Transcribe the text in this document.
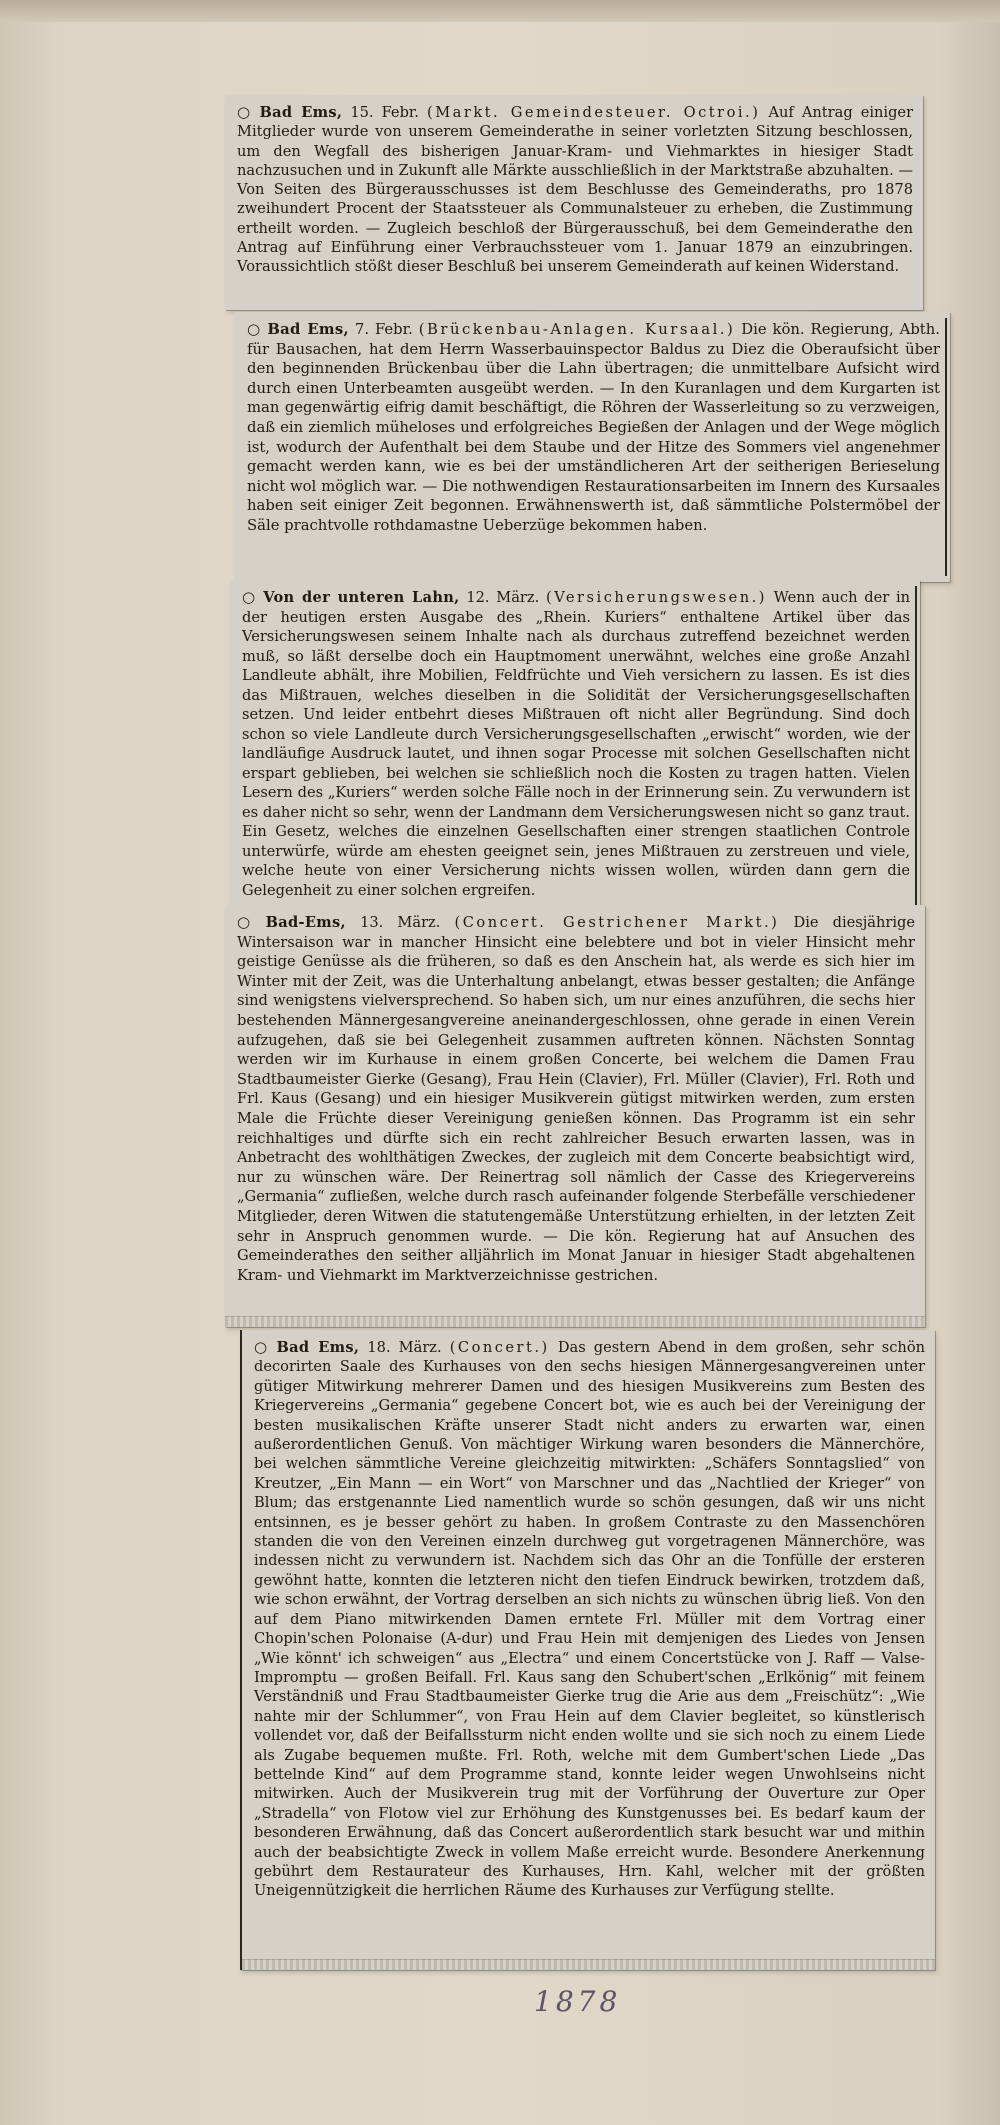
○ Bad Ems, 15. Febr. (Markt. Gemeindesteuer. Octroi.) Auf Antrag einiger Mitglieder wurde von unserem Gemeinderathe in seiner vorletzten Sitzung beschlossen, um den Wegfall des bisherigen Januar-Kram- und Viehmarktes in hiesiger Stadt nachzusuchen und in Zukunft alle Märkte ausschließlich in der Marktstraße abzuhalten. — Von Seiten des Bürgerausschusses ist dem Beschlusse des Gemeinderaths, pro 1878 zweihundert Procent der Staatssteuer als Communalsteuer zu erheben, die Zustimmung ertheilt worden. — Zugleich beschloß der Bürgerausschuß, bei dem Gemeinderathe den Antrag auf Einführung einer Verbrauchssteuer vom 1. Januar 1879 an einzubringen. Voraussichtlich stößt dieser Beschluß bei unserem Gemeinderath auf keinen Widerstand.

○ Bad Ems, 7. Febr. (Brückenbau-Anlagen. Kursaal.) Die kön. Regierung, Abth. für Bausachen, hat dem Herrn Wasserbauinspector Baldus zu Diez die Oberaufsicht über den beginnenden Brückenbau über die Lahn übertragen; die unmittelbare Aufsicht wird durch einen Unterbeamten ausgeübt werden. — In den Kuranlagen und dem Kurgarten ist man gegenwärtig eifrig damit beschäftigt, die Röhren der Wasserleitung so zu verzweigen, daß ein ziemlich müheloses und erfolgreiches Begießen der Anlagen und der Wege möglich ist, wodurch der Aufenthalt bei dem Staube und der Hitze des Sommers viel angenehmer gemacht werden kann, wie es bei der umständlicheren Art der seitherigen Berieselung nicht wol möglich war. — Die nothwendigen Restaurationsarbeiten im Innern des Kursaales haben seit einiger Zeit begonnen. Erwähnenswerth ist, daß sämmtliche Polstermöbel der Säle prachtvolle rothdamastne Ueberzüge bekommen haben.

○ Von der unteren Lahn, 12. März. (Versicherungswesen.) Wenn auch der in der heutigen ersten Ausgabe des „Rhein. Kuriers“ enthaltene Artikel über das Versicherungswesen seinem Inhalte nach als durchaus zutreffend bezeichnet werden muß, so läßt derselbe doch ein Hauptmoment unerwähnt, welches eine große Anzahl Landleute abhält, ihre Mobilien, Feldfrüchte und Vieh versichern zu lassen. Es ist dies das Mißtrauen, welches dieselben in die Solidität der Versicherungsgesellschaften setzen. Und leider entbehrt dieses Mißtrauen oft nicht aller Begründung. Sind doch schon so viele Landleute durch Versicherungsgesellschaften „erwischt“ worden, wie der landläufige Ausdruck lautet, und ihnen sogar Processe mit solchen Gesellschaften nicht erspart geblieben, bei welchen sie schließlich noch die Kosten zu tragen hatten. Vielen Lesern des „Kuriers“ werden solche Fälle noch in der Erinnerung sein. Zu verwundern ist es daher nicht so sehr, wenn der Landmann dem Versicherungswesen nicht so ganz traut. Ein Gesetz, welches die einzelnen Gesellschaften einer strengen staatlichen Controle unterwürfe, würde am ehesten geeignet sein, jenes Mißtrauen zu zerstreuen und viele, welche heute von einer Versicherung nichts wissen wollen, würden dann gern die Gelegenheit zu einer solchen ergreifen.

○ Bad-Ems, 13. März. (Concert. Gestrichener Markt.) Die diesjährige Wintersaison war in mancher Hinsicht eine belebtere und bot in vieler Hinsicht mehr geistige Genüsse als die früheren, so daß es den Anschein hat, als werde es sich hier im Winter mit der Zeit, was die Unterhaltung anbelangt, etwas besser gestalten; die Anfänge sind wenigstens vielversprechend. So haben sich, um nur eines anzuführen, die sechs hier bestehenden Männergesangvereine aneinandergeschlossen, ohne gerade in einen Verein aufzugehen, daß sie bei Gelegenheit zusammen auftreten können. Nächsten Sonntag werden wir im Kurhause in einem großen Concerte, bei welchem die Damen Frau Stadtbaumeister Gierke (Gesang), Frau Hein (Clavier), Frl. Müller (Clavier), Frl. Roth und Frl. Kaus (Gesang) und ein hiesiger Musikverein gütigst mitwirken werden, zum ersten Male die Früchte dieser Vereinigung genießen können. Das Programm ist ein sehr reichhaltiges und dürfte sich ein recht zahlreicher Besuch erwarten lassen, was in Anbetracht des wohlthätigen Zweckes, der zugleich mit dem Concerte beabsichtigt wird, nur zu wünschen wäre. Der Reinertrag soll nämlich der Casse des Kriegervereins „Germania“ zufließen, welche durch rasch aufeinander folgende Sterbefälle verschiedener Mitglieder, deren Witwen die statutengemäße Unterstützung erhielten, in der letzten Zeit sehr in Anspruch genommen wurde. — Die kön. Regierung hat auf Ansuchen des Gemeinderathes den seither alljährlich im Monat Januar in hiesiger Stadt abgehaltenen Kram- und Viehmarkt im Marktverzeichnisse gestrichen.

○ Bad Ems, 18. März. (Concert.) Das gestern Abend in dem großen, sehr schön decorirten Saale des Kurhauses von den sechs hiesigen Männergesangvereinen unter gütiger Mitwirkung mehrerer Damen und des hiesigen Musikvereins zum Besten des Kriegervereins „Germania“ gegebene Concert bot, wie es auch bei der Vereinigung der besten musikalischen Kräfte unserer Stadt nicht anders zu erwarten war, einen außerordentlichen Genuß. Von mächtiger Wirkung waren besonders die Männerchöre, bei welchen sämmtliche Vereine gleichzeitig mitwirkten: „Schäfers Sonntagslied“ von Kreutzer, „Ein Mann — ein Wort“ von Marschner und das „Nachtlied der Krieger“ von Blum; das erstgenannte Lied namentlich wurde so schön gesungen, daß wir uns nicht entsinnen, es je besser gehört zu haben. In großem Contraste zu den Massenchören standen die von den Vereinen einzeln durchweg gut vorgetragenen Männerchöre, was indessen nicht zu verwundern ist. Nachdem sich das Ohr an die Tonfülle der ersteren gewöhnt hatte, konnten die letzteren nicht den tiefen Eindruck bewirken, trotzdem daß, wie schon erwähnt, der Vortrag derselben an sich nichts zu wünschen übrig ließ. Von den auf dem Piano mitwirkenden Damen erntete Frl. Müller mit dem Vortrag einer Chopin'schen Polonaise (A-dur) und Frau Hein mit demjenigen des Liedes von Jensen „Wie könnt' ich schweigen“ aus „Electra“ und einem Concertstücke von J. Raff — Valse-Impromptu — großen Beifall. Frl. Kaus sang den Schubert'schen „Erlkönig“ mit feinem Verständniß und Frau Stadtbaumeister Gierke trug die Arie aus dem „Freischütz“: „Wie nahte mir der Schlummer“, von Frau Hein auf dem Clavier begleitet, so künstlerisch vollendet vor, daß der Beifallssturm nicht enden wollte und sie sich noch zu einem Liede als Zugabe bequemen mußte. Frl. Roth, welche mit dem Gumbert'schen Liede „Das bettelnde Kind“ auf dem Programme stand, konnte leider wegen Unwohlseins nicht mitwirken. Auch der Musikverein trug mit der Vorführung der Ouverture zur Oper „Stradella“ von Flotow viel zur Erhöhung des Kunstgenusses bei. Es bedarf kaum der besonderen Erwähnung, daß das Concert außerordentlich stark besucht war und mithin auch der beabsichtigte Zweck in vollem Maße erreicht wurde. Besondere Anerkennung gebührt dem Restaurateur des Kurhauses, Hrn. Kahl, welcher mit der größten Uneigennützigkeit die herrlichen Räume des Kurhauses zur Verfügung stellte.

1878
